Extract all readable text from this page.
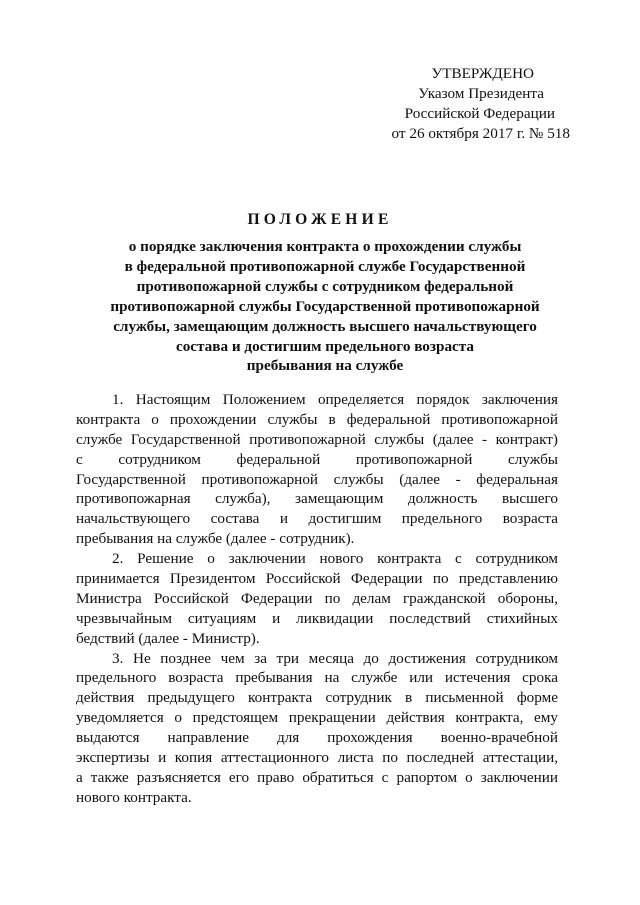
УТВЕРЖДЕНО
Указом Президента
Российской Федерации
от 26 октября 2017 г. № 518
ПОЛОЖЕНИЕ
о порядке заключения контракта о прохождении службы
в федеральной противопожарной службе Государственной
противопожарной службы с сотрудником федеральной
противопожарной службы Государственной противопожарной
службы, замещающим должность высшего начальствующего
состава и достигшим предельного возраста
пребывания на службе
1. Настоящим Положением определяется порядок заключения
контракта о прохождении службы в федеральной противопожарной
службе Государственной противопожарной службы (далее - контракт)
с сотрудником федеральной противопожарной службы
Государственной противопожарной службы (далее - федеральная
противопожарная служба), замещающим должность высшего
начальствующего состава и достигшим предельного возраста
пребывания на службе (далее - сотрудник).
2. Решение о заключении нового контракта с сотрудником
принимается Президентом Российской Федерации по представлению
Министра Российской Федерации по делам гражданской обороны,
чрезвычайным ситуациям и ликвидации последствий стихийных
бедствий (далее - Министр).
3. Не позднее чем за три месяца до достижения сотрудником
предельного возраста пребывания на службе или истечения срока
действия предыдущего контракта сотрудник в письменной форме
уведомляется о предстоящем прекращении действия контракта, ему
выдаются направление для прохождения военно-врачебной
экспертизы и копия аттестационного листа по последней аттестации,
а также разъясняется его право обратиться с рапортом о заключении
нового контракта.
